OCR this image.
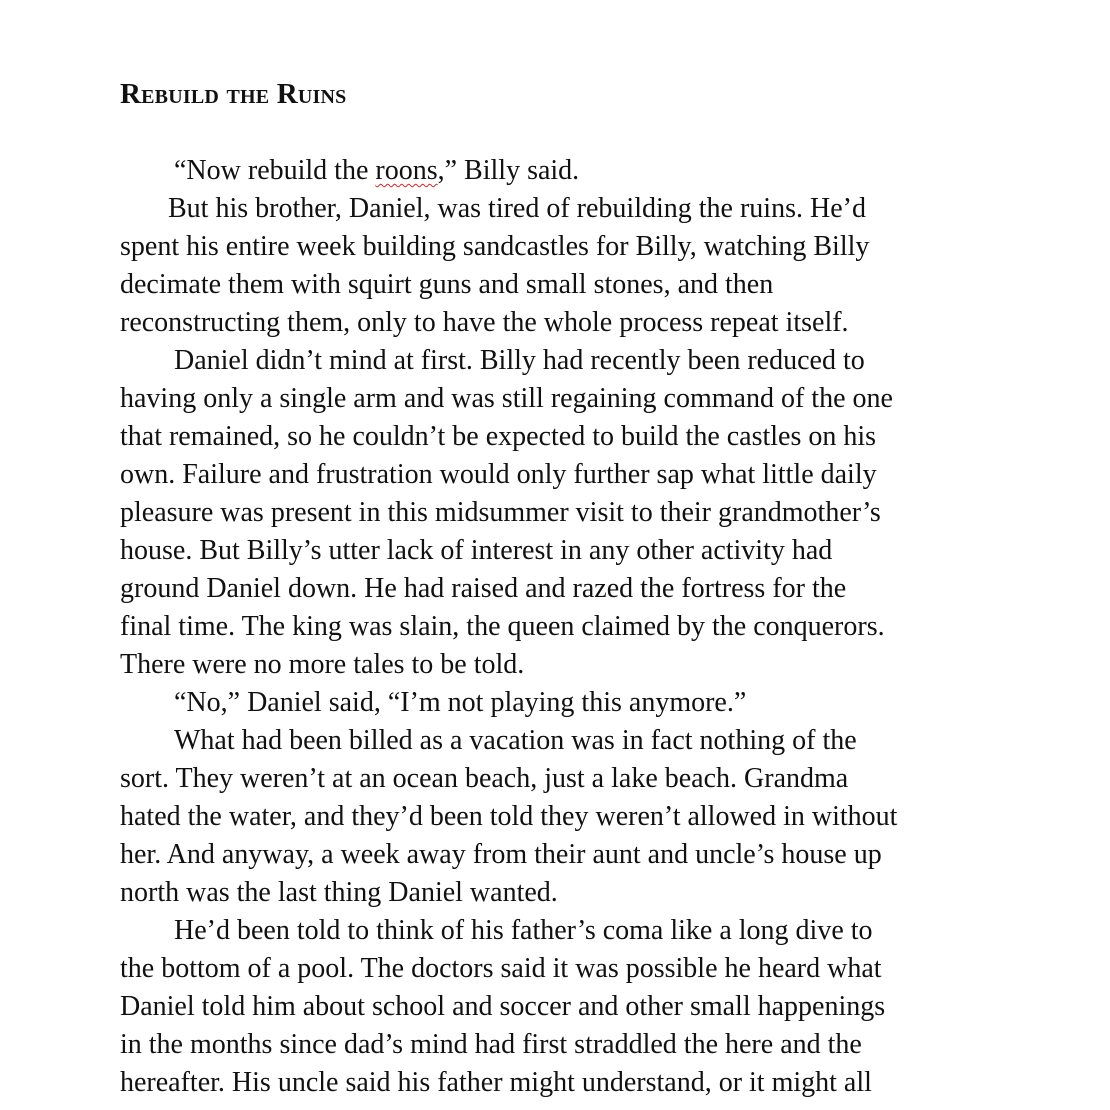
Rebuild the Ruins
“Now rebuild the roons,” Billy said.
But his brother, Daniel, was tired of rebuilding the ruins. He’d
spent his entire week building sandcastles for Billy, watching Billy
decimate them with squirt guns and small stones, and then
reconstructing them, only to have the whole process repeat itself.
Daniel didn’t mind at first. Billy had recently been reduced to
having only a single arm and was still regaining command of the one
that remained, so he couldn’t be expected to build the castles on his
own. Failure and frustration would only further sap what little daily
pleasure was present in this midsummer visit to their grandmother’s
house. But Billy’s utter lack of interest in any other activity had
ground Daniel down. He had raised and razed the fortress for the
final time. The king was slain, the queen claimed by the conquerors.
There were no more tales to be told.
“No,” Daniel said, “I’m not playing this anymore.”
What had been billed as a vacation was in fact nothing of the
sort. They weren’t at an ocean beach, just a lake beach. Grandma
hated the water, and they’d been told they weren’t allowed in without
her. And anyway, a week away from their aunt and uncle’s house up
north was the last thing Daniel wanted.
He’d been told to think of his father’s coma like a long dive to
the bottom of a pool. The doctors said it was possible he heard what
Daniel told him about school and soccer and other small happenings
in the months since dad’s mind had first straddled the here and the
hereafter. His uncle said his father might understand, or it might all
